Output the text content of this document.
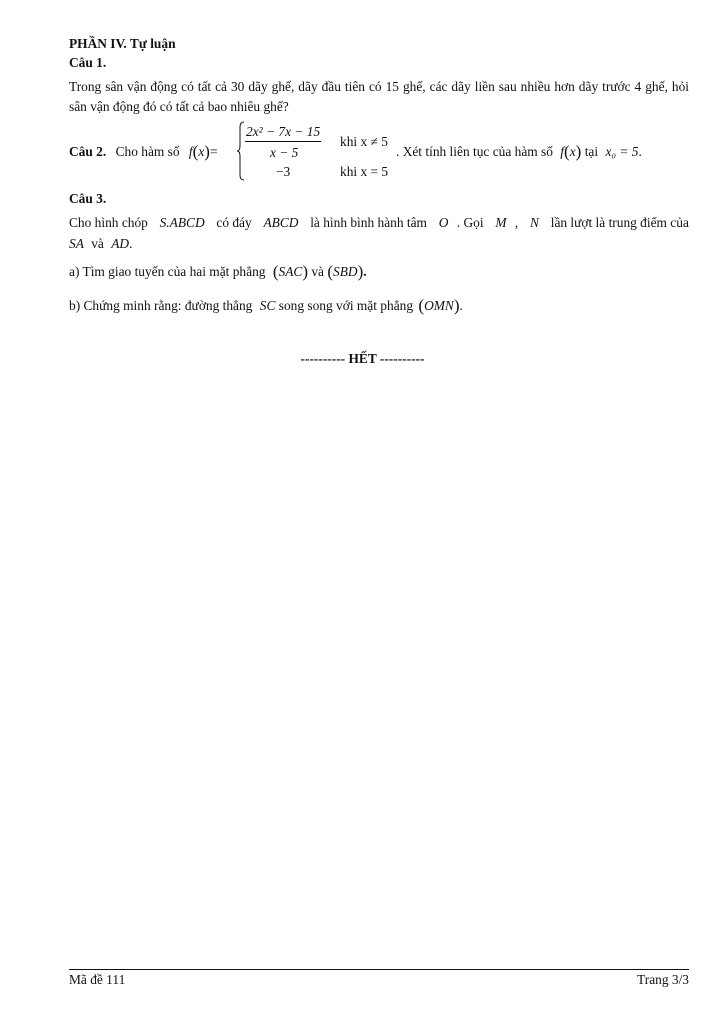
PHẦN IV. Tự luận
Câu 1.
Trong sân vận động có tất cả 30 dãy ghế, dãy đầu tiên có 15 ghế, các dãy liền sau nhiều hơn dãy trước 4 ghế, hỏi sân vận động đó có tất cả bao nhiêu ghế?
Câu 2. Cho hàm số f(x)=
2x² − 7x − 15
x − 5
−3
khi x ≠ 5
khi x = 5
. Xét tính liên tục của hàm số f(x) tại x₀ = 5.
Câu 3.
Cho hình chóp S.ABCD có đáy ABCD là hình bình hành tâm O . Gọi M , N lần lượt là trung điểm của
SA và AD.
a) Tìm giao tuyến của hai mặt phẳng (SAC) và (SBD).
b) Chứng minh rằng: đường thẳng SC song song với mặt phẳng (OMN).
---------- HẾT ----------
Mã đề 111	Trang 3/3
